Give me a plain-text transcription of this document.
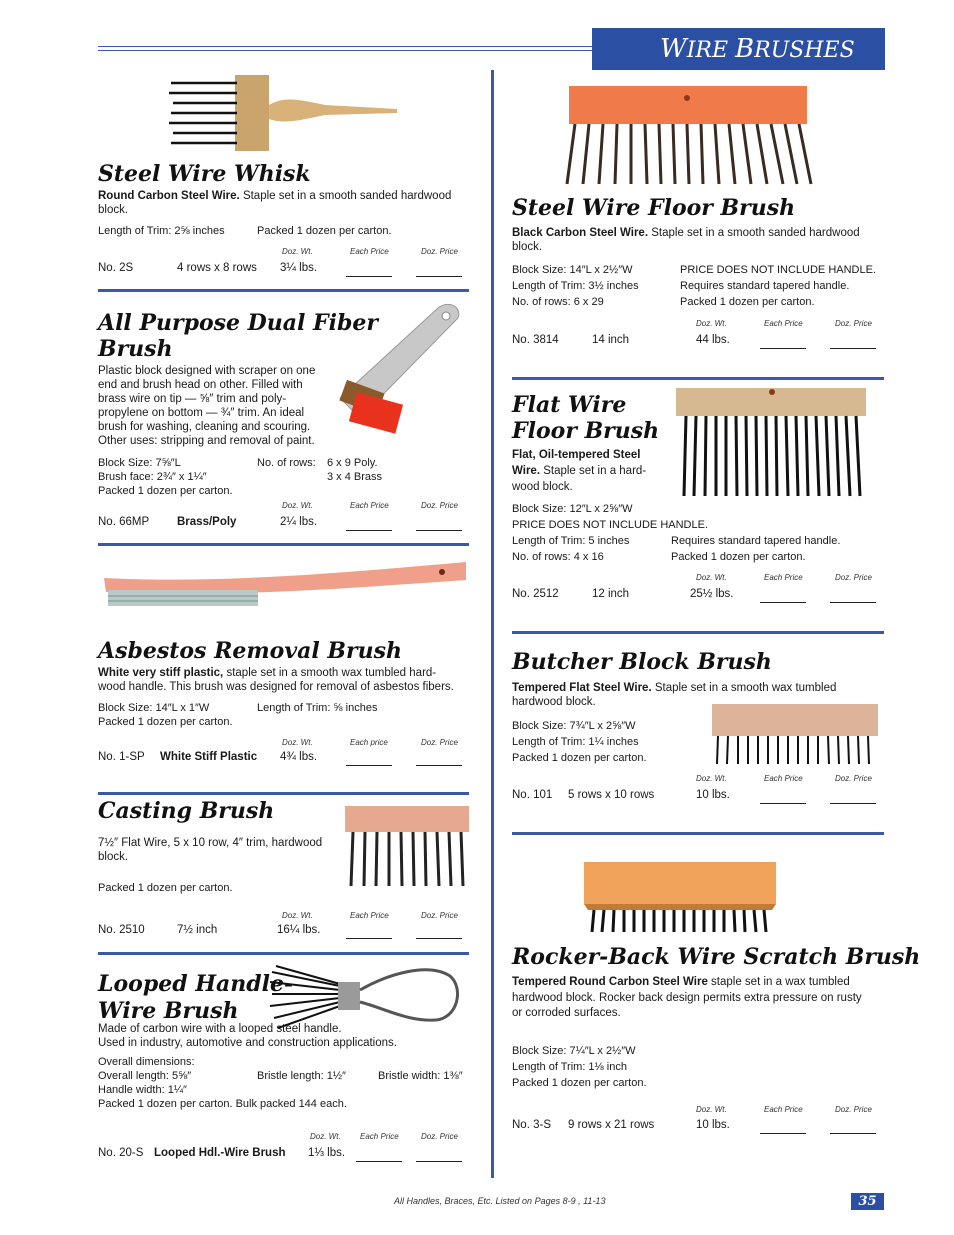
WIRE BRUSHES
Steel Wire Whisk
Round Carbon Steel Wire. Staple set in a smooth sanded hardwood block.
Length of Trim: 2⅝ inches	Packed 1 dozen per carton.
Doz. Wt.	Each Price	Doz. Price
No. 2S	4 rows x 8 rows 3¼ lbs.
All Purpose Dual Fiber
Brush
Plastic block designed with scraper on one
end and brush head on other. Filled with
brass wire on tip — ⅝″ trim and poly-
propylene on bottom — ¾″ trim. An ideal
brush for washing, cleaning and scouring.
Other uses: stripping and removal of paint.
Block Size: 7⅝″L
Brush face: 2¾″ x 1¼″
Packed 1 dozen per carton.
No. of rows: 6 x 9 Poly.
3 x 4 Brass
Doz. Wt.	Each Price	Doz. Price
No. 66MP Brass/Poly	2¼ lbs.
Asbestos Removal Brush
White very stiff plastic, staple set in a smooth wax tumbled hard-
wood handle. This brush was designed for removal of asbestos fibers.
Block Size: 14″L x 1″W	Length of Trim: ⅝ inches
Packed 1 dozen per carton.
Doz. Wt.	Each price	Doz. Price
No. 1-SP White Stiff Plastic 4¾ lbs.
Casting Brush
7½″ Flat Wire, 5 x 10 row, 4″ trim, hardwood
block.
Packed 1 dozen per carton.
Doz. Wt.	Each Price	Doz. Price
No. 2510	7½ inch	16¼ lbs.
Looped Handle-
Wire Brush
Made of carbon wire with a looped steel handle.
Used in industry, automotive and construction applications.
Overall dimensions:
Overall length: 5⅝″	Bristle length: 1½″	Bristle width: 1⅜″
Handle width: 1¼″
Packed 1 dozen per carton. Bulk packed 144 each.
Doz. Wt. Each Price	Doz. Price
No. 20-S Looped Hdl.-Wire Brush 1⅓ lbs.
Steel Wire Floor Brush
Black Carbon Steel Wire. Staple set in a smooth sanded hardwood
block.
Block Size: 14″L x 2½″W
Length of Trim: 3½ inches
No. of rows: 6 x 29
PRICE DOES NOT INCLUDE HANDLE.
Requires standard tapered handle.
Packed 1 dozen per carton.
Doz. Wt.	Each Price	Doz. Price
No. 3814	14 inch	44 lbs.
Flat Wire
Floor Brush
Flat, Oil-tempered Steel
Wire. Staple set in a hard-
wood block.
Block Size: 12″L x 2⅝″W
PRICE DOES NOT INCLUDE HANDLE.
Length of Trim: 5 inches	Requires standard tapered handle.
No. of rows: 4 x 16	Packed 1 dozen per carton.
Doz. Wt.	Each Price	Doz. Price
No. 2512	12 inch	25½ lbs.
Butcher Block Brush
Tempered Flat Steel Wire. Staple set in a smooth wax tumbled
hardwood block.
Block Size: 7¾″L x 2⅝″W
Length of Trim: 1¼ inches
Packed 1 dozen per carton.
Doz. Wt.	Each Price	Doz. Price
No. 101 5 rows x 10 rows	10 lbs.
Rocker-Back Wire Scratch Brush
Tempered Round Carbon Steel Wire staple set in a wax tumbled
hardwood block. Rocker back design permits extra pressure on rusty
or corroded surfaces.
Block Size: 7¼″L x 2½″W
Length of Trim: 1⅛ inch
Packed 1 dozen per carton.
Doz. Wt.	Each Price	Doz. Price
No. 3-S 9 rows x 21 rows	10 lbs.
All Handles, Braces, Etc. Listed on Pages 8-9 , 11-13	35
